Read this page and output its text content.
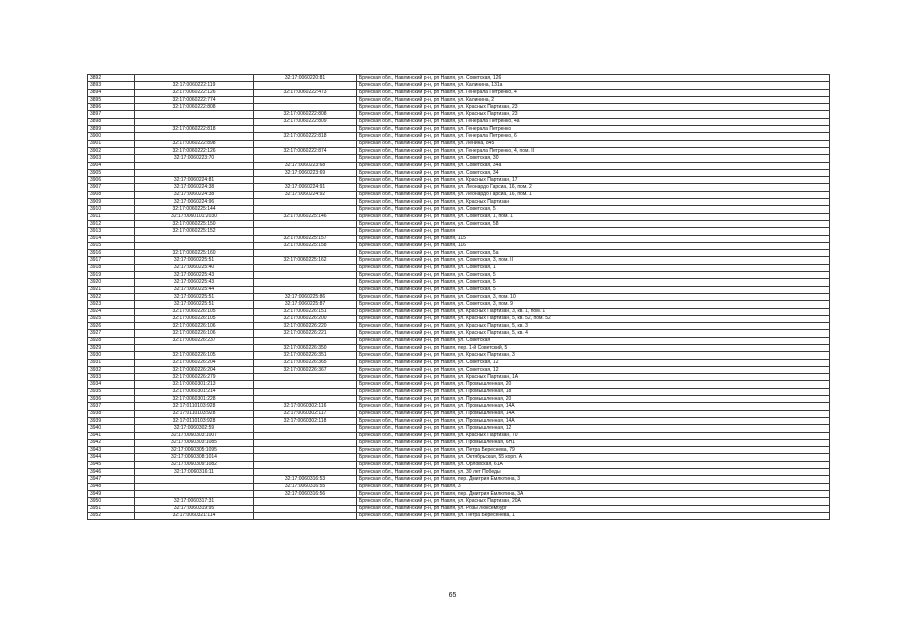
3892		32:17:0060220:81	Брянская обл., Навлинский р-н, рп Навля, ул. Советская, 126
3893	32:17:0060222:119		Брянская обл., Навлинский р-н, рп Навля, ул. Калинина, 131а
3894	32:17:0060222:126	32:17:0060222:473	Брянская обл., Навлинский р-н, рп Навля, ул. Генерала Петренко, 4
3895	32:17:0060222:774		Брянская обл., Навлинский р-н, рп Навля, ул. Калинина, 2
3896	32:17:0060222:808		Брянская обл., Навлинский р-н, рп Навля, ул. Красных Партизан, 23
3897		32:17:0060222:808	Брянская обл., Навлинский р-н, рп Навля, ул. Красных Партизан, 23
3898		32:17:0060222:809	Брянская обл., Навлинский р-н, рп Навля, ул. Генерала Петренко, 4а
3899	32:17:0060222:818		Брянская обл., Навлинский р-н, рп Навля, ул. Генерала Петренко
3900		32:17:0060222:818	Брянская обл., Навлинский р-н, рп Навля, ул. Генерала Петренко, 6
3901	32:17:0060222:898		Брянская обл., Навлинский р-н, рп Навля, ул. Ленина, 845
3902	32:17:0060222:126	32:17:0060222:874	Брянская обл., Навлинский р-н, рп Навля, ул. Генерала Петренко, 4, пом. II
3903	32:17:0060223:70		Брянская обл., Навлинский р-н, рп Навля, ул. Советская, 30
3904		32:17:0060223:68	Брянская обл., Навлинский р-н, рп Навля, ул. Советская, 34а
3905		32:17:0060223:69	Брянская обл., Навлинский р-н, рп Навля, ул. Советская, 34
3906	32:17:0060224:81		Брянская обл., Навлинский р-н, рп Навля, ул. Красных Партизан, 17
3907	32:17:0060224:38	32:17:0060224:91	Брянская обл., Навлинский р-н, рп Навля, ул. Леонардо Гарсиа, 16, пом. 2
3908	32:17:0060224:38	32:17:0060224:92	Брянская обл., Навлинский р-н, рп Навля, ул. Леонардо Гарсиа, 16, пом. 1
3909	32:17:0060224:96		Брянская обл., Навлинский р-н, рп Навля, ул. Красных Партизан
3910	32:17:0060225:144		Брянская обл., Навлинский р-н, рп Навля, ул. Советская, 5
3911	32:17:0060101:2030	32:17:0060225:146	Брянская обл., Навлинский р-н, рп Навля, ул. Советская, 1, пом. 1
3912	32:17:0060225:150		Брянская обл., Навлинский р-н, рп Навля, ул. Советская, 58
3913	32:17:0060225:152		Брянская обл., Навлинский р-н, рп Навля
3914		32:17:0060225:157	Брянская обл., Навлинский р-н, рп Навля, 115
3915		32:17:0060225:158	Брянская обл., Навлинский р-н, рп Навля, 116
3916	32:17:0060225:160		Брянская обл., Навлинский р-н, рп Навля, ул. Советская, 5а
3917	32:17:0060225:51	32:17:0060225:162	Брянская обл., Навлинский р-н, рп Навля, ул. Советская, 3, пом. II
3918	32:17:0060225:40		Брянская обл., Навлинский р-н, рп Навля, ул. Советская, 1
3919	32:17:0060225:43		Брянская обл., Навлинский р-н, рп Навля, ул. Советская, 5
3920	32:17:0060225:43		Брянская обл., Навлинский р-н, рп Навля, ул. Советская, 5
3921	32:17:0060225:44		Брянская обл., Навлинский р-н, рп Навля, ул. Советская, 5
3922	32:17:0060225:51	32:17:0060225:86	Брянская обл., Навлинский р-н, рп Навля, ул. Советская, 3, пом. 10
3923	32:17:0060225:51	32:17:0060225:87	Брянская обл., Навлинский р-н, рп Навля, ул. Советская, 3, пом. 9
3924	32:17:0060226:105	32:17:0060226:151	Брянская обл., Навлинский р-н, рп Навля, ул. Красных Партизан, 3, кв. 1, пом. 1
3925	32:17:0060226:105	32:17:0060226:200	Брянская обл., Навлинский р-н, рп Навля, ул. Красных Партизан, 5, кв. 52, пом. 52
3926	32:17:0060226:106	32:17:0060226:220	Брянская обл., Навлинский р-н, рп Навля, ул. Красных Партизан, 5, кв. 3
3927	32:17:0060226:106	32:17:0060226:221	Брянская обл., Навлинский р-н, рп Навля, ул. Красных Партизан, 5, кв. 4
3928	32:17:0060226:237		Брянская обл., Навлинский р-н, рп Навля, ул. Советская
3929		32:17:0060226:350	Брянская обл., Навлинский р-н, рп Навля, пер. 1-й Советский, 5
3930	32:17:0060226:105	32:17:0060226:351	Брянская обл., Навлинский р-н, рп Навля, ул. Красных Партизан, 3
3931	32:17:0060226:204	32:17:0060226:365	Брянская обл., Навлинский р-н, рп Навля, ул. Советская, 12
3932	32:17:0060226:204	32:17:0060226:367	Брянская обл., Навлинский р-н, рп Навля, ул. Советская, 12
3933	32:17:0060226:279		Брянская обл., Навлинский р-н, рп Навля, ул. Красных Партизан, 1А
3934	32:17:0060301:213		Брянская обл., Навлинский р-н, рп Навля, ул. Промышленная, 20
3935	32:17:0060301:214		Брянская обл., Навлинский р-н, рп Навля, ул. Промышленная, 18
3936	32:17:0060301:228		Брянская обл., Навлинский р-н, рп Навля, ул. Промышленная, 20
3937	32:17:0110103:928	32:17:0060302:116	Брянская обл., Навлинский р-н, рп Навля, ул. Промышленная, 14А
3938	32:17:0110103:928	32:17:0060302:117	Брянская обл., Навлинский р-н, рп Навля, ул. Промышленная, 14А
3939	32:17:0110103:928	32:17:0060302:118	Брянская обл., Навлинский р-н, рп Навля, ул. Промышленная, 14А
3940	32:17:0060302:59		Брянская обл., Навлинский р-н, рп Навля, ул. Промышленная, 12
3941	32:17:0060303:1007		Брянская обл., Навлинский р-н, рп Навля, ул. Красных Партизан, 70
3942	32:17:0060303:1085		Брянская обл., Навлинский р-н, рп Навля, ул. Промышленная, 6Н1
3943	32:17:0060305:1095		Брянская обл., Навлинский р-н, рп Навля, ул. Петра Береснева, 79
3944	32:17:0060308:1014		Брянская обл., Навлинский р-н, рп Навля, ул. Октябрьская, 55 корп. А
3945	32:17:0060309:1082		Брянская обл., Навлинский р-н, рп Навля, ул. Орловская, 61А
3946	32:17:0060316:11		Брянская обл., Навлинский р-н, рп Навля, ул. 30 лет Победы
3947		32:17:0060316:53	Брянская обл., Навлинский р-н, рп Навля, пер. Дмитрия Емлютина, 3
3948		32:17:0060316:55	Брянская обл., Навлинский р-н, рп Навля, 3
3949		32:17:0060316:56	Брянская обл., Навлинский р-н, рп Навля, пер. Дмитрия Емлютина, 3А
3950	32:17:0060317:31		Брянская обл., Навлинский р-н, рп Навля, ул. Красных Партизан, 20А
3951	32:17:0060319:95		Брянская обл., Навлинский р-н, рп Навля, ул. Розы Люксембург
3952	32:17:0060321:114		Брянская обл., Навлинский р-н, рп Навля, ул. Петра Бересенева, 1
65
